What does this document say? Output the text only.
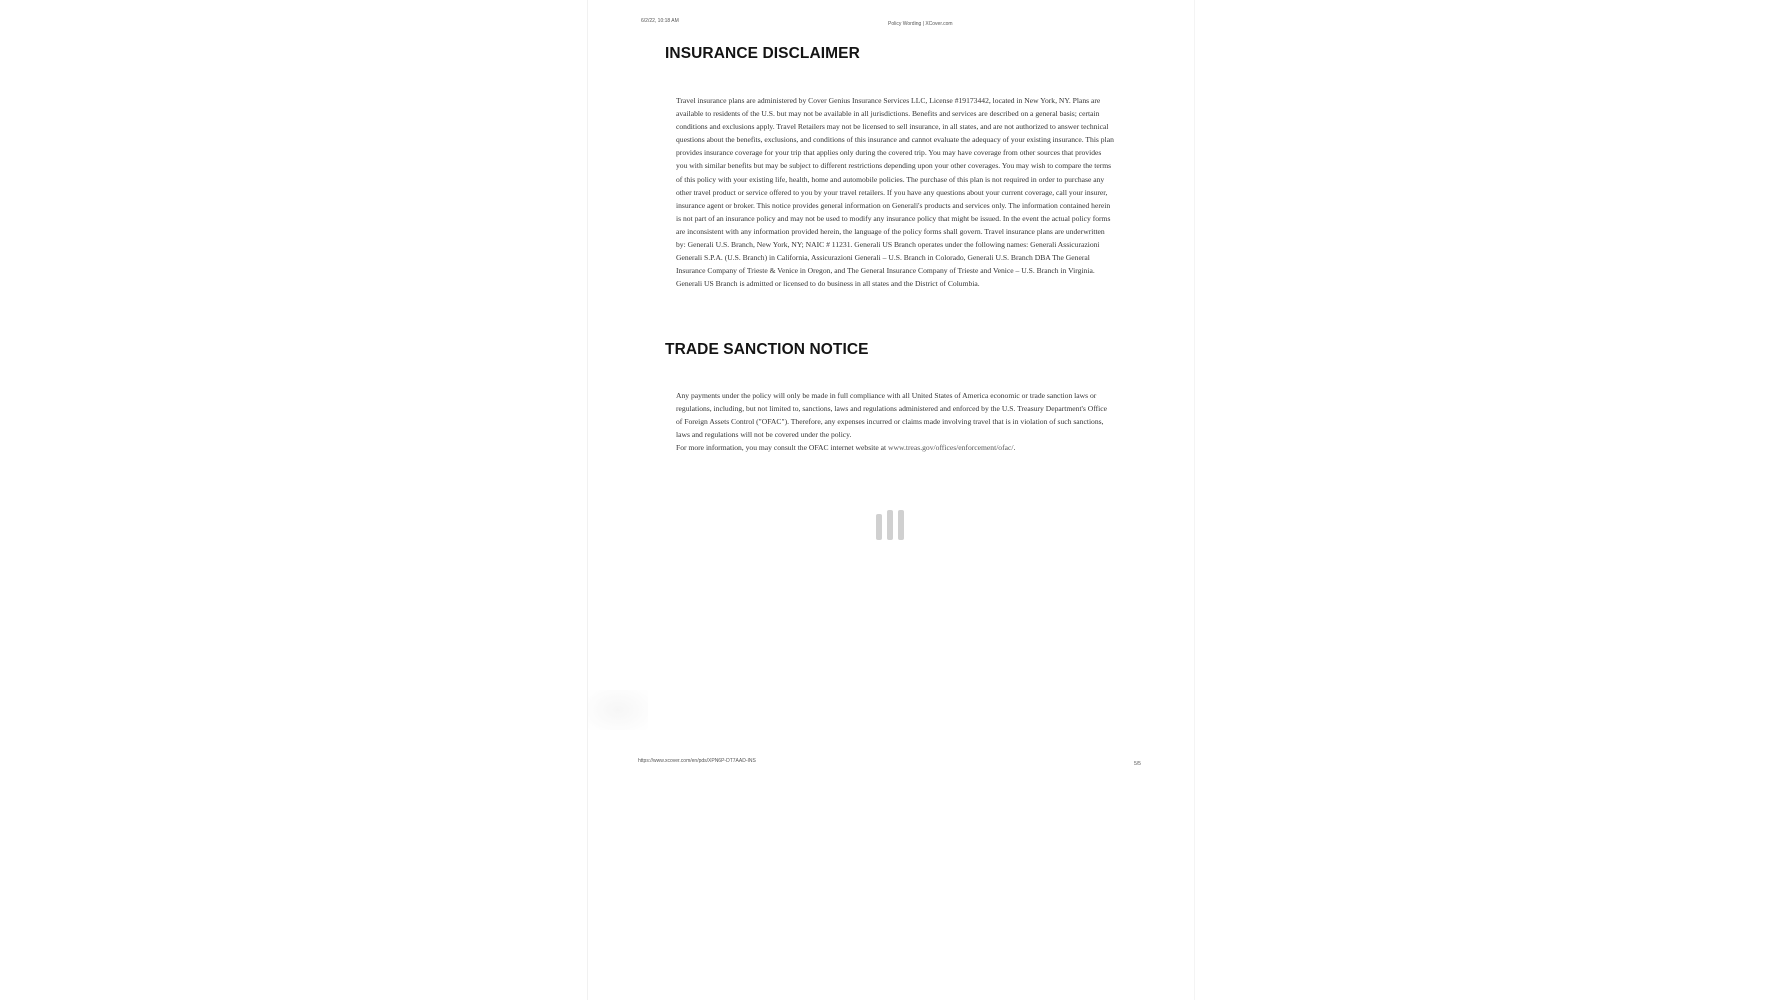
6/2/22, 10:18 AM	Policy Wording | XCover.com
INSURANCE DISCLAIMER

Travel insurance plans are administered by Cover Genius Insurance Services LLC, License #19173442, located in New York, NY. Plans are available to residents of the U.S. but may not be available in all jurisdictions. Benefits and services are described on a general basis; certain conditions and exclusions apply. Travel Retailers may not be licensed to sell insurance, in all states, and are not authorized to answer technical questions about the benefits, exclusions, and conditions of this insurance and cannot evaluate the adequacy of your existing insurance. This plan provides insurance coverage for your trip that applies only during the covered trip. You may have coverage from other sources that provides you with similar benefits but may be subject to different restrictions depending upon your other coverages. You may wish to compare the terms of this policy with your existing life, health, home and automobile policies. The purchase of this plan is not required in order to purchase any other travel product or service offered to you by your travel retailers. If you have any questions about your current coverage, call your insurer, insurance agent or broker. This notice provides general information on Generali's products and services only. The information contained herein is not part of an insurance policy and may not be used to modify any insurance policy that might be issued. In the event the actual policy forms are inconsistent with any information provided herein, the language of the policy forms shall govern. Travel insurance plans are underwritten by: Generali U.S. Branch, New York, NY; NAIC # 11231. Generali US Branch operates under the following names: Generali Assicurazioni Generali S.P.A. (U.S. Branch) in California, Assicurazioni Generali – U.S. Branch in Colorado, Generali U.S. Branch DBA The General Insurance Company of Trieste & Venice in Oregon, and The General Insurance Company of Trieste and Venice – U.S. Branch in Virginia. Generali US Branch is admitted or licensed to do business in all states and the District of Columbia.

TRADE SANCTION NOTICE

Any payments under the policy will only be made in full compliance with all United States of America economic or trade sanction laws or regulations, including, but not limited to, sanctions, laws and regulations administered and enforced by the U.S. Treasury Department's Office of Foreign Assets Control ("OFAC"). Therefore, any expenses incurred or claims made involving travel that is in violation of such sanctions, laws and regulations will not be covered under the policy.

For more information, you may consult the OFAC internet website at www.treas.gov/offices/enforcement/ofac/.

https://www.xcover.com/en/pds/XPN6P-DT7AAD-INS	5/5
